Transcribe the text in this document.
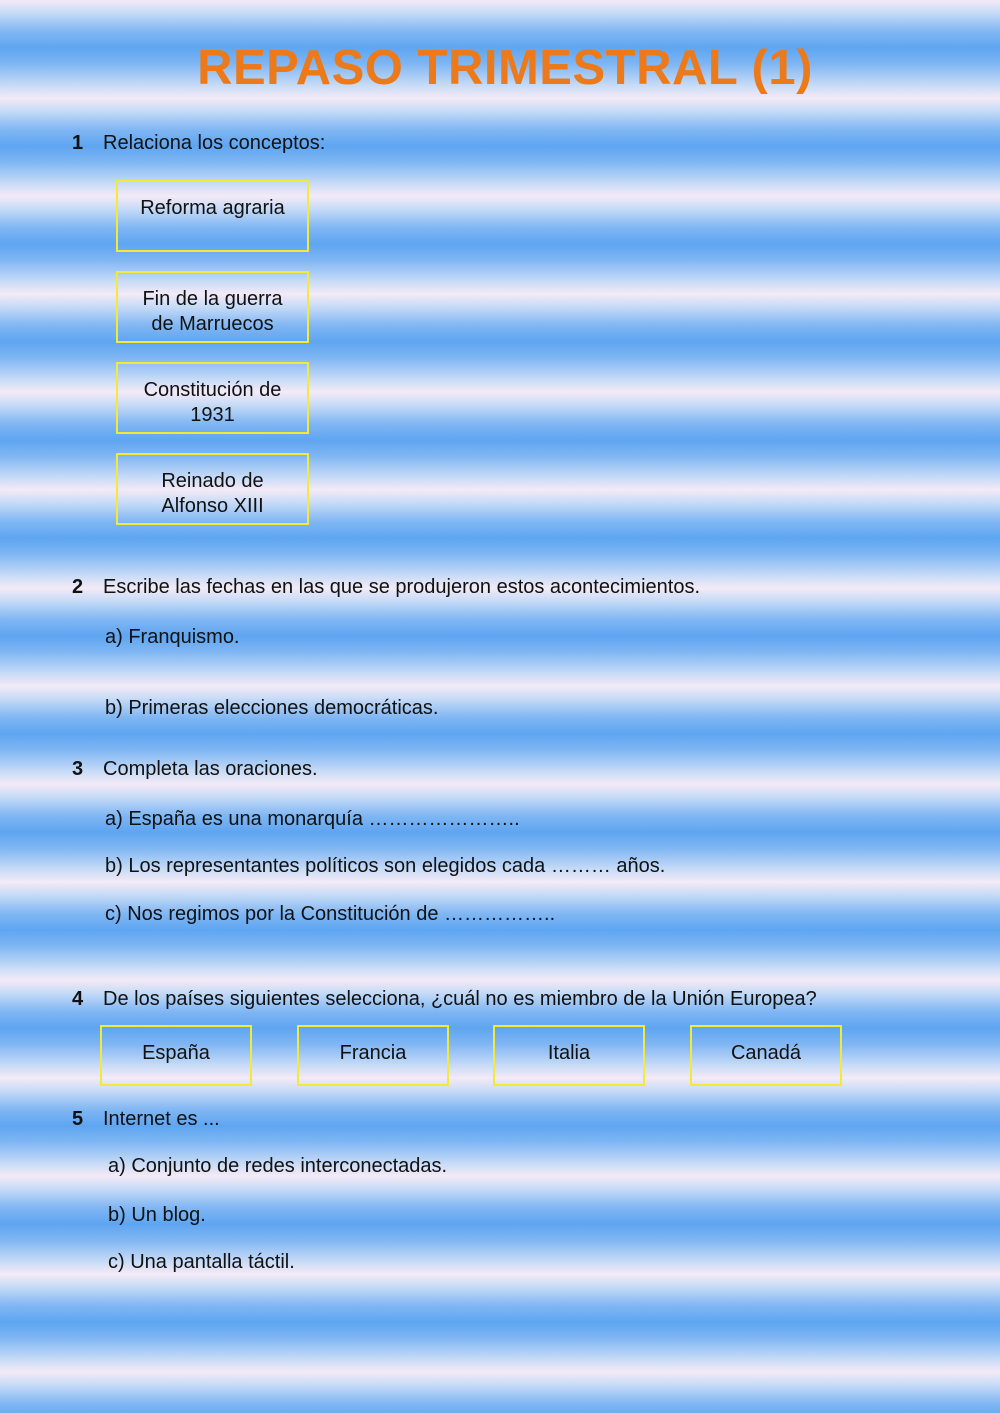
REPASO TRIMESTRAL (1)
1 Relaciona los conceptos:
Reforma agraria
Fin de la guerra
de Marruecos
Constitución de
1931
Reinado de
Alfonso XIII
2 Escribe las fechas en las que se produjeron estos acontecimientos.
a) Franquismo.
b) Primeras elecciones democráticas.
3 Completa las oraciones.
a) España es una monarquía …………………..
b) Los representantes políticos son elegidos cada ……… años.
c) Nos regimos por la Constitución de ……………..
4 De los países siguientes selecciona, ¿cuál no es miembro de la Unión Europea?
España	Francia	Italia	Canadá
5 Internet es ...
a) Conjunto de redes interconectadas.
b) Un blog.
c) Una pantalla táctil.
